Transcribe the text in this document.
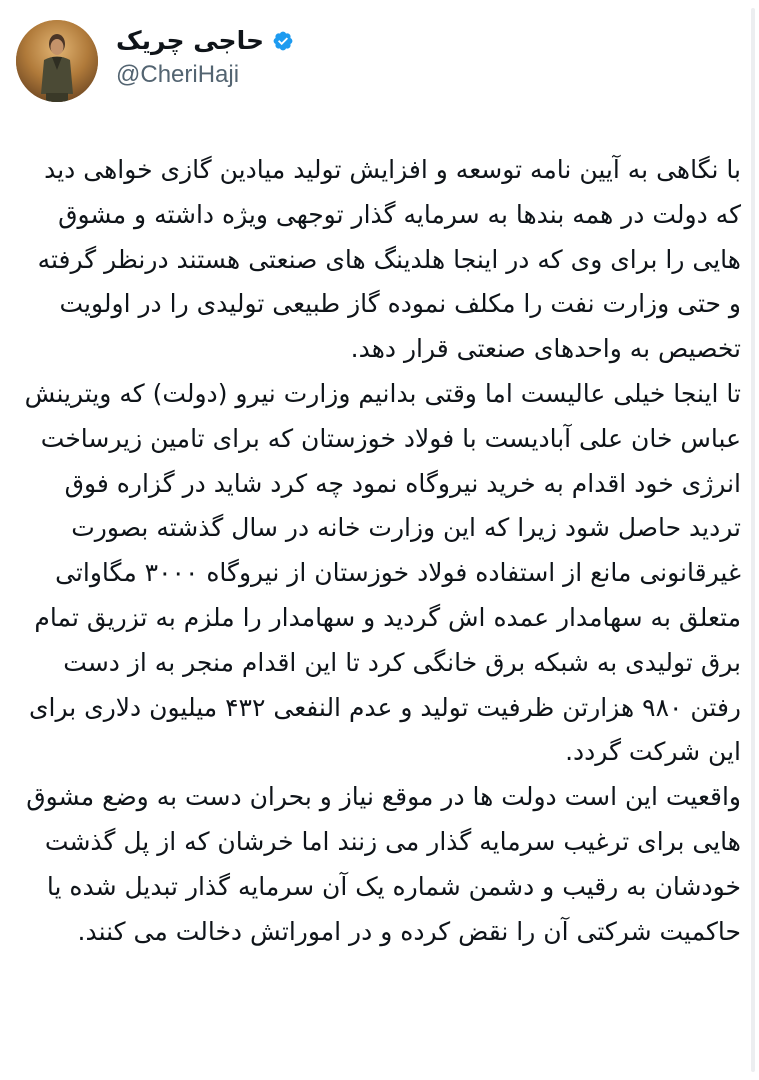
حاجی چریک
@CheriHaji

با نگاهی به آیین نامه توسعه و افزایش تولید میادین گازی خواهی دید که دولت در همه بندها به سرمایه گذار توجهی ویژه داشته و مشوق هایی را برای وی که در اینجا هلدینگ های صنعتی هستند درنظر گرفته و حتی وزارت نفت را مکلف نموده گاز طبیعی تولیدی را در اولویت تخصیص به واحدهای صنعتی قرار دهد.

تا اینجا خیلی عالیست اما وقتی بدانیم وزارت نیرو (دولت) که ویترینش عباس خان علی آبادیست با فولاد خوزستان که برای تامین زیرساخت انرژی خود اقدام به خرید نیروگاه نمود چه کرد شاید در گزاره فوق تردید حاصل شود زیرا که این وزارت خانه در سال گذشته بصورت غیرقانونی مانع از استفاده فولاد خوزستان از نیروگاه ۳۰۰۰ مگاواتی متعلق به سهامدار عمده اش گردید و سهامدار را ملزم به تزریق تمام برق تولیدی به شبکه برق خانگی کرد تا این اقدام منجر به از دست رفتن ۹۸۰ هزارتن ظرفیت تولید و عدم النفعی ۴۳۲ میلیون دلاری برای این شرکت گردد.

واقعیت این است دولت ها در موقع نیاز و بحران دست به وضع مشوق هایی برای ترغیب سرمایه گذار می زنند اما خرشان که از پل گذشت خودشان به رقیب و دشمن شماره یک آن سرمایه گذار تبدیل شده یا حاکمیت شرکتی آن را نقض کرده و در اموراتش دخالت می کنند.
